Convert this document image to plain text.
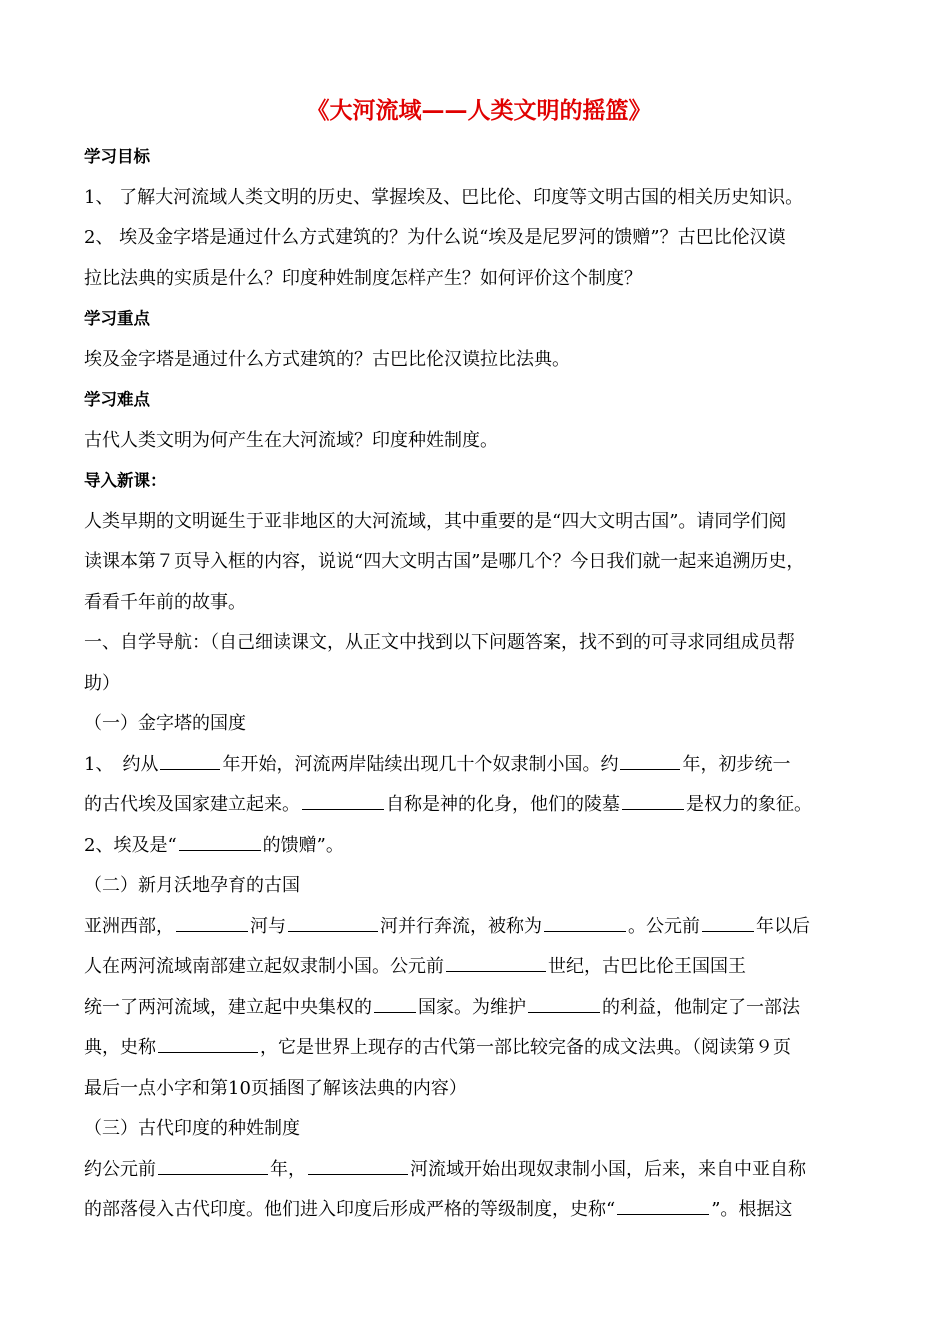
《大河流域——人类文明的摇篮》
学习目标
1、 了解大河流域人类文明的历史、掌握埃及、巴比伦、印度等文明古国的相关历史知识。
2、 埃及金字塔是通过什么方式建筑的？为什么说“埃及是尼罗河的馈赠”？古巴比伦汉谟
拉比法典的实质是什么？印度种姓制度怎样产生？如何评价这个制度？
学习重点
埃及金字塔是通过什么方式建筑的？古巴比伦汉谟拉比法典。
学习难点
古代人类文明为何产生在大河流域？印度种姓制度。
导入新课：
人类早期的文明诞生于亚非地区的大河流域，其中重要的是“四大文明古国”。请同学们阅
读课本第７页导入框的内容，说说“四大文明古国”是哪几个？今日我们就一起来追溯历史，
看看千年前的故事。
一、自学导航：（自己细读课文，从正文中找到以下问题答案，找不到的可寻求同组成员帮
助）
（一）金字塔的国度
1、　约从	年开始，河流两岸陆续出现几十个奴隶制小国。约	年，初步统一
的古代埃及国家建立起来。	自称是神的化身，他们的陵墓	是权力的象征。
2、埃及是“	的馈赠”。
（二）新月沃地孕育的古国
亚洲西部，	河与	河并行奔流，被称为	。公元前	年以后
人在两河流域南部建立起奴隶制小国。公元前	世纪，古巴比伦王国国王
统一了两河流域，建立起中央集权的	国家。为维护	的利益，他制定了一部法
典，史称	，它是世界上现存的古代第一部比较完备的成文法典。（阅读第９页
最后一点小字和第10页插图了解该法典的内容）
（三）古代印度的种姓制度
约公元前	年，	河流域开始出现奴隶制小国，后来，来自中亚自称
的部落侵入古代印度。他们进入印度后形成严格的等级制度，史称“	”。根据这
